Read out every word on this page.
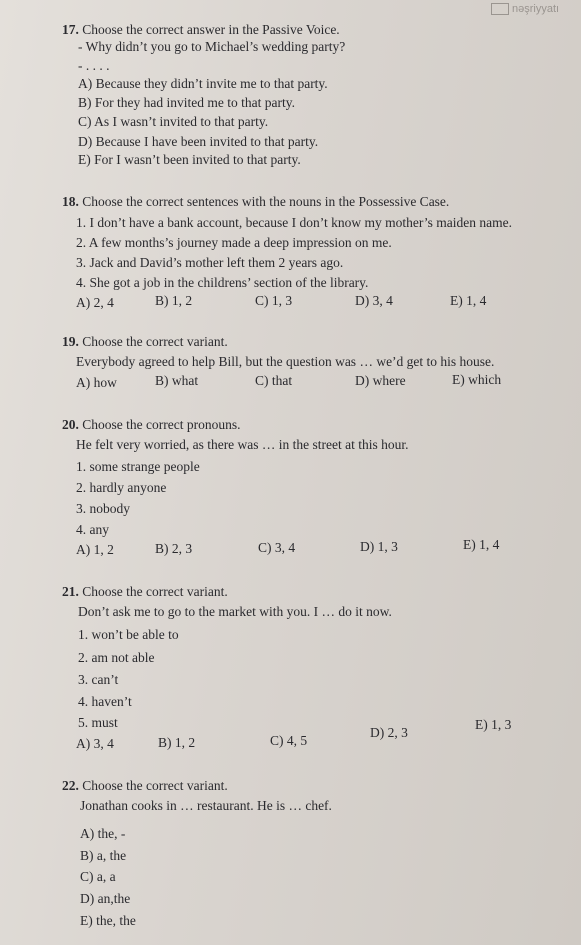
nəşriyyatı
17. Choose the correct answer in the Passive Voice.
- Why didn’t you go to Michael’s wedding party?
- . . . .
A) Because they didn’t invite me to that party.
B) For they had invited me to that party.
C) As I wasn’t invited to that party.
D) Because I have been invited to that party.
E) For I wasn’t been invited to that party.
18. Choose the correct sentences with the nouns in the Possessive Case.
1. I don’t have a bank account, because I don’t know my mother’s maiden name.
2. A few months’s journey made a deep impression on me.
3. Jack and David’s mother left them 2 years ago.
4. She got a job in the childrens’ section of the library.
A) 2, 4	B) 1, 2	C) 1, 3	D) 3, 4	E) 1, 4
19. Choose the correct variant.
Everybody agreed to help Bill, but the question was … we’d get to his house.
A) how	B) what	C) that	D) where	E) which
20. Choose the correct pronouns.
He felt very worried, as there was … in the street at this hour.
1. some strange people
2. hardly anyone
3. nobody
4. any
A) 1, 2	B) 2, 3	C) 3, 4	D) 1, 3	E) 1, 4
21. Choose the correct variant.
Don’t ask me to go to the market with you. I … do it now.
1. won’t be able to
2. am not able
3. can’t
4. haven’t
5. must
A) 3, 4	B) 1, 2	C) 4, 5
D) 2, 3
E) 1, 3
22. Choose the correct variant.
Jonathan cooks in … restaurant. He is … chef.
A) the, -
B) a, the
C) a, a
D) an,the
E) the, the
